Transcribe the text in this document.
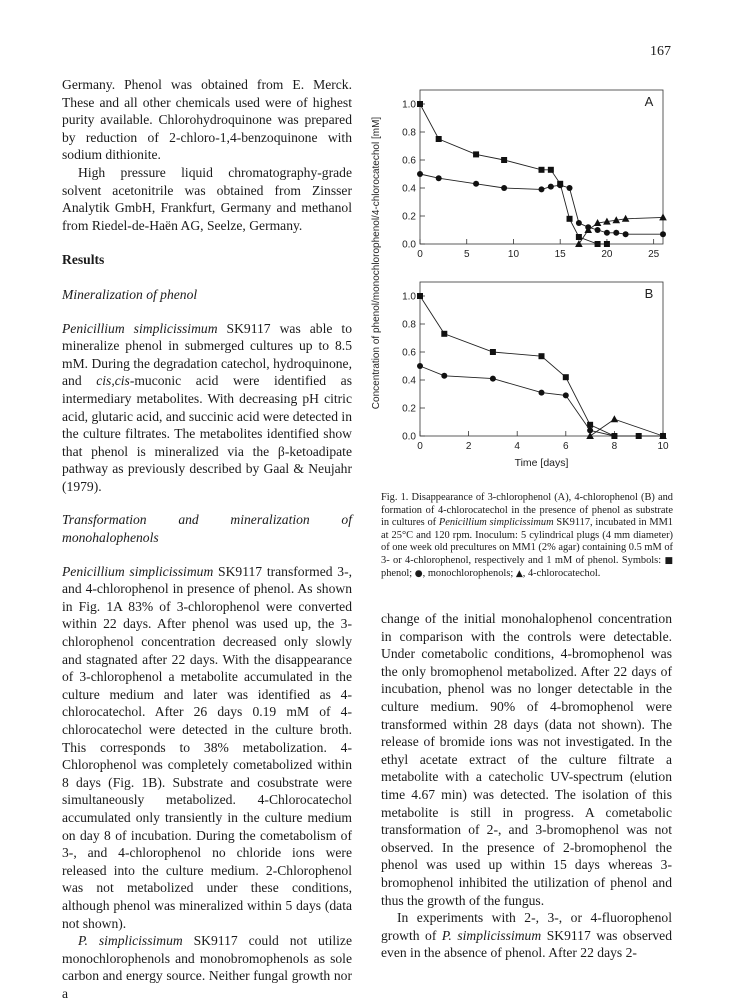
167

Germany. Phenol was obtained from E. Merck. These and all other chemicals used were of highest purity available. Chlorohydroquinone was prepared by reduction of 2-chloro-1,4-benzoquinone with sodium dithionite.

High pressure liquid chromatography-grade solvent acetonitrile was obtained from Zinsser Analytik GmbH, Frankfurt, Germany and methanol from Riedel-de-Haën AG, Seelze, Germany.

Results

Mineralization of phenol

Penicillium simplicissimum SK9117 was able to mineralize phenol in submerged cultures up to 8.5 mM. During the degradation catechol, hydroquinone, and cis,cis-muconic acid were identified as intermediary metabolites. With decreasing pH citric acid, glutaric acid, and succinic acid were detected in the culture filtrates. The metabolites identified show that phenol is mineralized via the β-ketoadipate pathway as previously described by Gaal & Neujahr (1979).

Transformation and mineralization of monohalophenols

Penicillium simplicissimum SK9117 transformed 3-, and 4-chlorophenol in presence of phenol. As shown in Fig. 1A 83% of 3-chlorophenol were converted within 22 days. After phenol was used up, the 3-chlorophenol concentration decreased only slowly and stagnated after 22 days. With the disappearance of 3-chlorophenol a metabolite accumulated in the culture medium and later was identified as 4-chlorocatechol. After 26 days 0.19 mM of 4-chlorocatechol were detected in the culture broth. This corresponds to 38% metabolization. 4-Chlorophenol was completely cometabolized within 8 days (Fig. 1B). Substrate and cosubstrate were simultaneously metabolized. 4-Chlorocatechol accumulated only transiently in the culture medium on day 8 of incubation. During the cometabolism of 3-, and 4-chlorophenol no chloride ions were released into the culture medium. 2-Chlorophenol was not metabolized under these conditions, although phenol was mineralized within 5 days (data not shown).

P. simplicissimum SK9117 could not utilize monochlorophenols and monobromophenols as sole carbon and energy source. Neither fungal growth nor a

A
0.0
0.2
0.4
0.6
0.8
1.0
0	5	10	15	20	25
Concentration of phenol/monochlorophenol/4-chlorocatechol [mM]	B
0.0
0.2
0.4
0.6
0.8
1.0
0	2	4	6	8	10
Time [days]
Fig. 1. Disappearance of 3-chlorophenol (A), 4-chlorophenol (B) and formation of 4-chlorocatechol in the presence of phenol as substrate in cultures of Penicillium simplicissimum SK9117, incubated in MM1 at 25°C and 120 rpm. Inoculum: 5 cylindrical plugs (4 mm diameter) of one week old precultures on MM1 (2% agar) containing 0.5 mM of 3- or 4-chlorophenol, respectively and 1 mM of phenol. Symbols: ■ phenol; ●, monochlorophenols; ▲, 4-chlorocatechol.

change of the initial monohalophenol concentration in comparison with the controls were detectable. Under cometabolic conditions, 4-bromophenol was the only bromophenol metabolized. After 22 days of incubation, phenol was no longer detectable in the culture medium. 90% of 4-bromophenol were transformed within 28 days (data not shown). The release of bromide ions was not investigated. In the ethyl acetate extract of the culture filtrate a metabolite with a catecholic UV-spectrum (elution time 4.67 min) was detected. The isolation of this metabolite is still in progress. A cometabolic transformation of 2-, and 3-bromophenol was not observed. In the presence of 2-bromophenol the phenol was used up within 15 days whereas 3-bromophenol inhibited the utilization of phenol and thus the growth of the fungus.

In experiments with 2-, 3-, or 4-fluorophenol growth of P. simplicissimum SK9117 was observed even in the absence of phenol. After 22 days 2-
